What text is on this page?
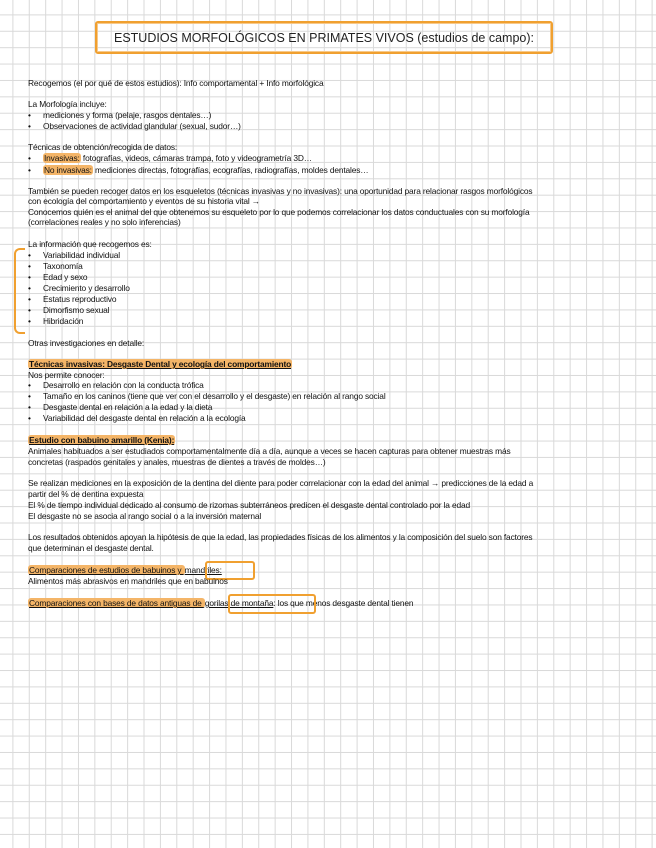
ESTUDIOS MORFOLÓGICOS EN PRIMATES VIVOS (estudios de campo):
Recogemos (el por qué de estos estudios): Info comportamental + Info morfológica
La Morfología incluye:
• mediciones y forma (pelaje, rasgos dentales…)
• Observaciones de actividad glandular (sexual, sudor…)
Técnicas de obtención/recogida de datos:
• Invasivas: fotografías, videos, cámaras trampa, foto y videogrametría 3D…
• No invasivas: mediciones directas, fotografías, ecografías, radiografías, moldes dentales…
También se pueden recoger datos en los esqueletos (técnicas invasivas y no invasivas): una oportunidad para relacionar rasgos morfológicos
con ecología del comportamiento y eventos de su historia vital →
Conocemos quién es el animal del que obtenemos su esqueleto por lo que podemos correlacionar los datos conductuales con su morfología
(correlaciones reales y no solo inferencias)
La información que recogemos es:
• Variabilidad individual
• Taxonomía
• Edad y sexo
• Crecimiento y desarrollo
• Estatus reproductivo
• Dimorfismo sexual
• Hibridación
Otras investigaciones en detalle:
Técnicas invasivas: Desgaste Dental y ecología del comportamiento
Nos permite conocer:
• Desarrollo en relación con la conducta trófica
• Tamaño en los caninos (tiene que ver con el desarrollo y el desgaste) en relación al rango social
• Desgaste dental en relación a la edad y la dieta
• Variabilidad del desgaste dental en relación a la ecología
Estudio con babuino amarillo (Kenia):
Animales habituados a ser estudiados comportamentalmente día a día, aunque a veces se hacen capturas para obtener muestras más
concretas (raspados genitales y anales, muestras de dientes a través de moldes…)
Se realizan mediciones en la exposición de la dentina del diente para poder correlacionar con la edad del animal → predicciones de la edad a
partir del % de dentina expuesta
El % de tiempo individual dedicado al consumo de rizomas subterráneos predicen el desgaste dental controlado por la edad
El desgaste no se asocia al rango social o a la inversión maternal
Los resultados obtenidos apoyan la hipótesis de que la edad, las propiedades físicas de los alimentos y la composición del suelo son factores
que determinan el desgaste dental.
Comparaciones de estudios de babuinos y mandriles:
Alimentos más abrasivos en mandriles que en babuinos
Comparaciones con bases de datos antiguas de gorilas de montaña: los que menos desgaste dental tienen
